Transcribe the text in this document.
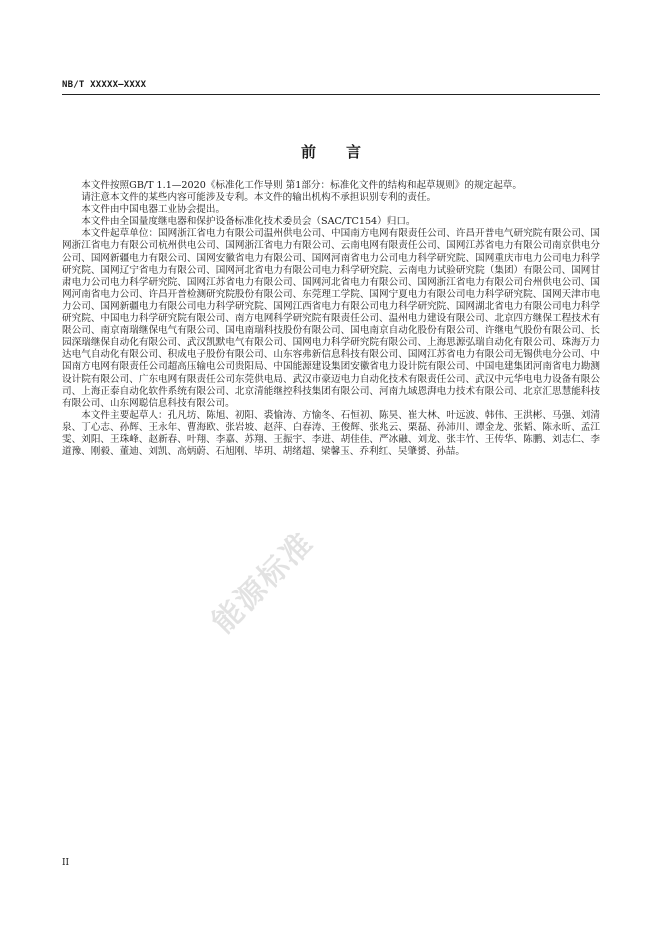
NB/T XXXXX—XXXX
前言

本文件按照GB/T 1.1—2020《标准化工作导则 第1部分：标准化文件的结构和起草规则》的规定起草。

请注意本文件的某些内容可能涉及专利。本文件的输出机构不承担识别专利的责任。

本文件由中国电器工业协会提出。

本文件由全国量度继电器和保护设备标准化技术委员会（SAC/TC154）归口。

本文件起草单位：国网浙江省电力有限公司温州供电公司、中国南方电网有限责任公司、许昌开普电气研究院有限公司、国网浙江省电力有限公司杭州供电公司、国网浙江省电力有限公司、云南电网有限责任公司、国网江苏省电力有限公司南京供电分公司、国网新疆电力有限公司、国网安徽省电力有限公司、国网河南省电力公司电力科学研究院、国网重庆市电力公司电力科学研究院、国网辽宁省电力有限公司、国网河北省电力有限公司电力科学研究院、云南电力试验研究院（集团）有限公司、国网甘肃电力公司电力科学研究院、国网江苏省电力有限公司、国网河北省电力有限公司、国网浙江省电力有限公司台州供电公司、国网河南省电力公司、许昌开普检测研究院股份有限公司、东莞理工学院、国网宁夏电力有限公司电力科学研究院、国网天津市电力公司、国网新疆电力有限公司电力科学研究院、国网江西省电力有限公司电力科学研究院、国网湖北省电力有限公司电力科学研究院、中国电力科学研究院有限公司、南方电网科学研究院有限责任公司、温州电力建设有限公司、北京四方继保工程技术有限公司、南京南瑞继保电气有限公司、国电南瑞科技股份有限公司、国电南京自动化股份有限公司、许继电气股份有限公司、长园深瑞继保自动化有限公司、武汉凯默电气有限公司、国网电力科学研究院有限公司、上海思源弘瑞自动化有限公司、珠海万力达电气自动化有限公司、积成电子股份有限公司、山东容弗新信息科技有限公司、国网江苏省电力有限公司无锡供电分公司、中国南方电网有限责任公司超高压输电公司贵阳局、中国能源建设集团安徽省电力设计院有限公司、中国电建集团河南省电力勘测设计院有限公司、广东电网有限责任公司东莞供电局、武汉市豪迈电力自动化技术有限责任公司、武汉中元华电电力设备有限公司、上海正泰自动化软件系统有限公司、北京清能继控科技集团有限公司、河南九域恩湃电力技术有限公司、北京汇思慧能科技有限公司、山东网聪信息科技有限公司。

本文件主要起草人：孔凡坊、陈旭、初阳、裘愉涛、方愉冬、石恒初、陈昊、崔大林、叶远波、韩伟、王洪彬、马强、刘清泉、丁心志、孙辉、王永年、曹海欧、张岩坡、赵萍、白春涛、王俊辉、张兆云、栗磊、孙沛川、谭金龙、张韬、陈永昕、孟江雯、刘阳、王珠峰、赵新春、叶翔、李嘉、苏翔、王振宇、李进、胡佳佳、严冰融、刘龙、张丰竹、王传华、陈鹏、刘志仁、李道豫、刚毅、董迪、刘凯、高炳蔚、石旭刚、毕玥、胡绪超、梁馨玉、乔利红、吴肇赟、孙喆。

能源标准
II
